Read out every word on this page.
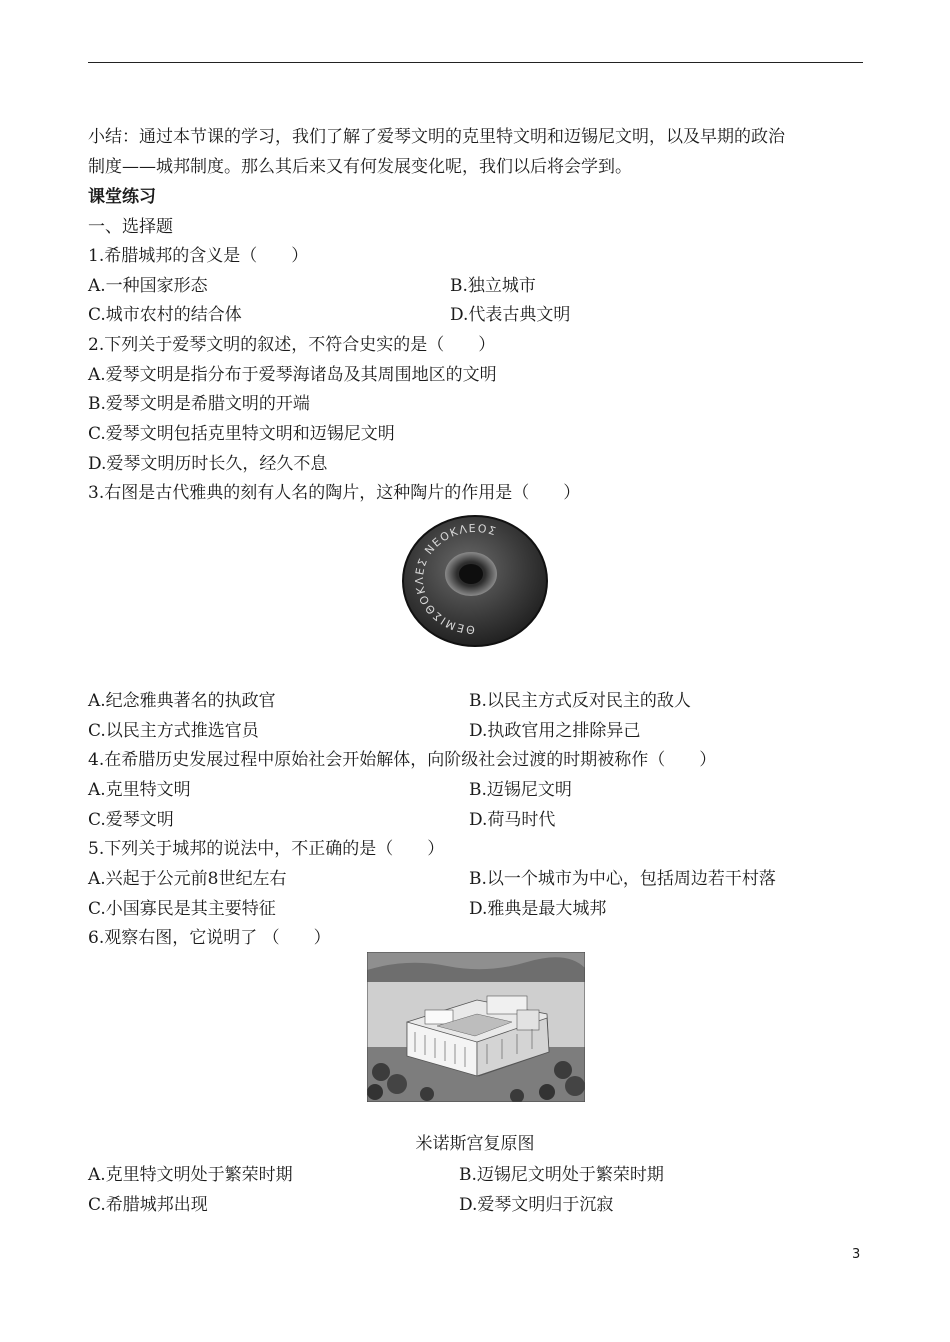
小结：通过本节课的学习，我们了解了爱琴文明的克里特文明和迈锡尼文明，以及早期的政治
制度——城邦制度。那么其后来又有何发展变化呢，我们以后将会学到。
课堂练习
一、选择题
1.希腊城邦的含义是（　　）
A.一种国家形态	B.独立城市
C.城市农村的结合体	D.代表古典文明
2.下列关于爱琴文明的叙述，不符合史实的是（　　）
A.爱琴文明是指分布于爱琴海诸岛及其周围地区的文明
B.爱琴文明是希腊文明的开端
C.爱琴文明包括克里特文明和迈锡尼文明
D.爱琴文明历时长久，经久不息
3.右图是古代雅典的刻有人名的陶片，这种陶片的作用是（　　）
ΘΕΜΙΣΘΟΚΛΕΣ ΝΕΟΚΛΕΟΣ
A.纪念雅典著名的执政官	B.以民主方式反对民主的敌人
C.以民主方式推选官员	D.执政官用之排除异己
4.在希腊历史发展过程中原始社会开始解体，向阶级社会过渡的时期被称作（　　）
A.克里特文明	B.迈锡尼文明
C.爱琴文明	D.荷马时代
5.下列关于城邦的说法中，不正确的是（　　）
A.兴起于公元前8世纪左右	B.以一个城市为中心，包括周边若干村落
C.小国寡民是其主要特征	D.雅典是最大城邦
6.观察右图，它说明了 （　　）
米诺斯宫复原图
A.克里特文明处于繁荣时期	B.迈锡尼文明处于繁荣时期
C.希腊城邦出现	D.爱琴文明归于沉寂
3
